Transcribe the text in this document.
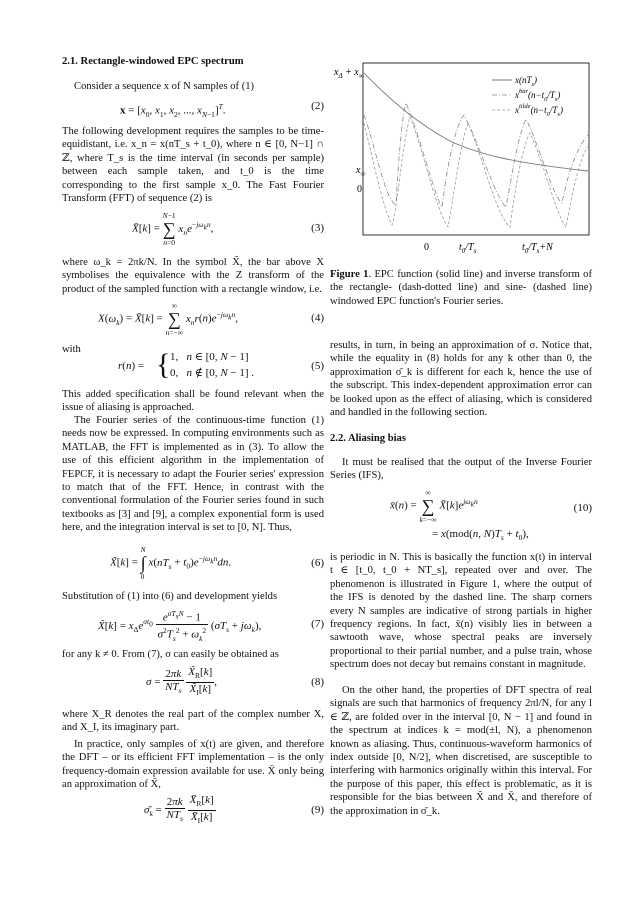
2.1. Rectangle-windowed EPC spectrum

Consider a sequence x of N samples of (1)

$x = [x_0$, $x_1$, $x_2$, ..., $x_{N-1}]^T$.	(2)

The following development requires the samples to be time-equidistant, i.e. x_n = x(nT_s + t_0), where n ∈ [0, N−1] ∩ ℤ, where T_s is the time interval (in seconds per sample) between each sample taken, and t_0 is the time corresponding to the first sample x_0. The Fast Fourier Transform (FFT) of sequence (2) is

X̄[k] =
N−1
∑
n=0
$x_ne^{-j\omega_kn}$,	(3)

where ω_k = 2πk/N. In the symbol X̃, the bar above X symbolises the equivalence with the Z transform of the product of the sampled function with a rectangle window, i.e.

$X(\omega_k)$ = X̄[k] =
∞
∑
n=−∞
$x_nr(n)e^{-j\omega_kn}$,	(4)

with

r(n) = { 1,   n ∈ [0, N − 1]
0,   n ∉ [0, N − 1] .
(5)

This added specification shall be found relevant when the issue of aliasing is approached.

The Fourier series of the continuous-time function (1) needs now be expressed. In computing environments such as MATLAB, the FFT is implemented as in (3). To allow the use of this efficient algorithm in the implementation of FEPCF, it is necessary to adapt the Fourier series' expression to match that of the FFT. Hence, in contrast with the conventional formulation of the Fourier series found in such textbooks as [3] and [9], a complex exponential form is used here, and the integration interval is set to [0, N]. Thus,

X̃[k] =
N
∫
0
$x(nT_s + t_0)e^{-j\omega_kn}dn$.	(6)

Substitution of (1) into (6) and development yields

X̃[k] = $x_\Delta e^{\sigma t_0} \frac{e^{\sigma T_sN} - 1}{\sigma^2T_s^2 + \omega_k^2} (\sigma T_s + j\omega_k)$,	(7)

for any k ≠ 0. From (7), σ can easily be obtained as

$\sigma = \frac{2\pi k}{NT_s}$
$\frac{X̃_R[k]}{X̃_I[k]}$ ,	(8)

where X_R denotes the real part of the complex number X, and X_I, its imaginary part.

In practice, only samples of x(t) are given, and therefore the DFT – or its efficient FFT implementation – is the only frequency-domain expression available for use. X̄ only being an approximation of X̃,

$\sigmā_k = \frac{2\pi k}{NT_s}$
$\frac{X̄_R[k]}{X̄_I[k]}$	(9)
$x_\Delta + x_\infty$
$x_\infty$
0
0	$t_0/T_s$	$t_0/T_s+N$
$x(nT_s)$
$x^{bar}(n-t_0/T_s)$
$x^{tilde}(n-t_0/T_s)$

Figure 1. EPC function (solid line) and inverse transform of the rectangle- (dash-dotted line) and sine- (dashed line) windowed EPC function's Fourier series.

results, in turn, in being an approximation of σ. Notice that, while the equality in (8) holds for any k other than 0, the approximation σ̄_k is different for each k, hence the use of the subscript. This index-dependent approximation error can be looked upon as the effect of aliasing, which is considered and handled in the following section.

2.2. Aliasing bias

It must be realised that the output of the Inverse Fourier Series (IFS),

x̄(n) =
∞
∑
k=−∞
$X̄[k]e^{j\omega_kn}$
= x(mod(n, $N)T_s + t_0$),
(10)

is periodic in N. This is basically the function x(t) in interval t ∈ [t_0, t_0 + NT_s], repeated over and over. The phenomenon is illustrated in Figure 1, where the output of the IFS is denoted by the dashed line. The sharp corners every N samples are indicative of strong partials in higher frequency regions. In fact, x̄(n) visibly lies in between a sawtooth wave, whose spectral peaks are inversely proportional to their partial number, and a pulse train, whose spectrum does not decay but remains constant in magnitude.

On the other hand, the properties of DFT spectra of real signals are such that harmonics of frequency 2πl/N, for any l ∈ ℤ, are folded over in the interval [0, N − 1] and found in the spectrum at indices k = mod(±l, N), a phenomenon known as aliasing. Thus, continuous-waveform harmonics of index outside [0, N/2], when discretised, are susceptible to interfering with harmonics originally within this interval. For the purpose of this paper, this effect is problematic, as it is responsible for the bias between X̃ and X̄, and therefore of the approximation in σ̄_k.
